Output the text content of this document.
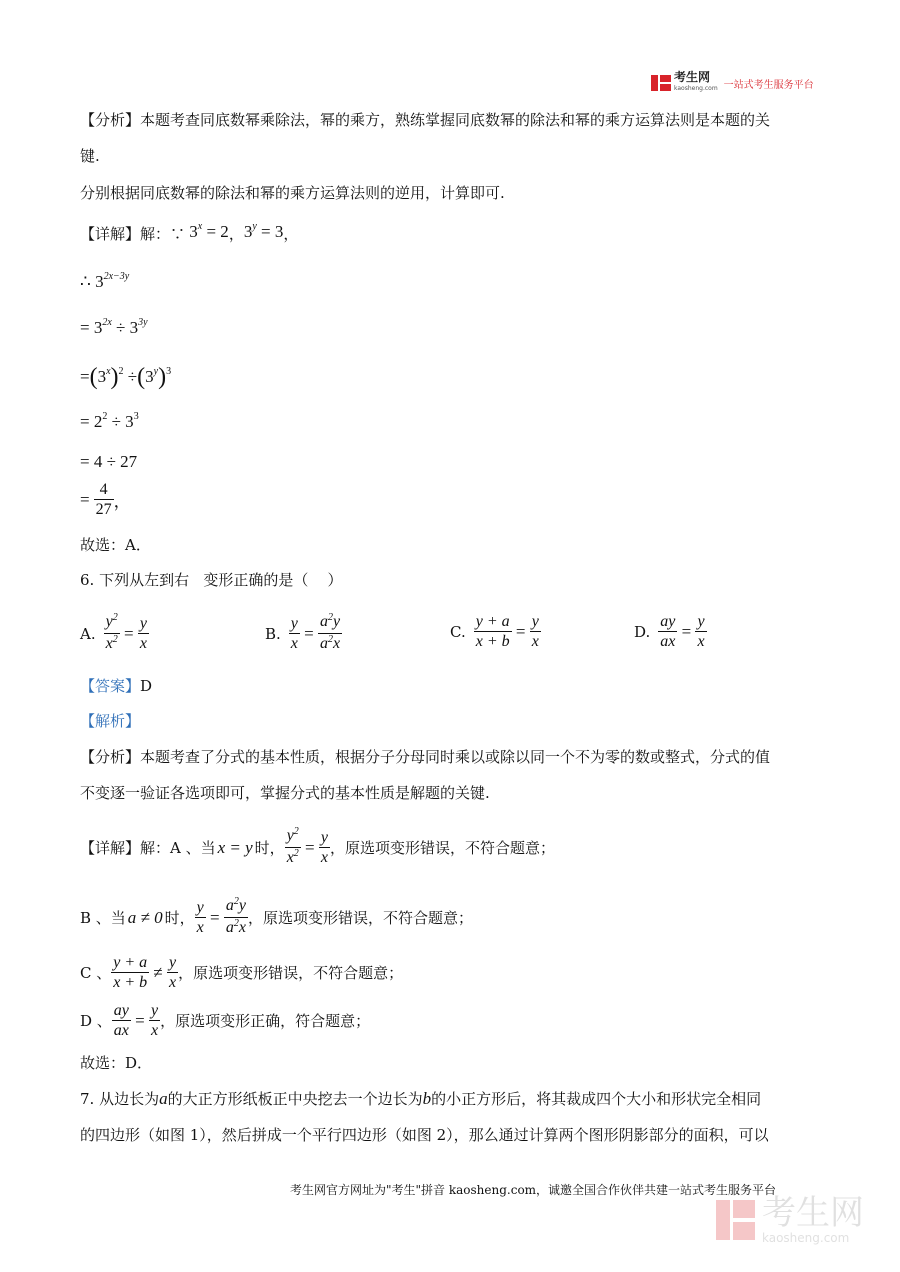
考生网
kaosheng.com 一站式考生服务平台
【分析】本题考查同底数幂乘除法，幂的乘方，熟练掌握同底数幂的除法和幂的乘方运算法则是本题的关
键.
分别根据同底数幂的除法和幂的乘方运算法则的逆用，计算即可.
【详解】解：∵ $3^x = 2$ ， $3^y = 3$ ，
∴ $3^{2x-3y}$
= $3^{2x} \div 3^{3y}$
$=(3^x)^2 \div(3^y)^3$
= $2^2 \div 3^3$
= 4 ÷ 27
= $\frac{4}{27}$ ，
故选：A．
6. 下列从左到右   变形正确的是（    ）
A. $\frac{y^2}{x^2} = \frac{y}{x}$	B. $\frac{y}{x} = \frac{a^2y}{a^2x}$	C. $\frac{y + a}{x + b} = \frac{y}{x}$	D. $\frac{ay}{ax} = \frac{y}{x}$
【答案】D
【解析】
【分析】本题考查了分式的基本性质，根据分子分母同时乘以或除以同一个不为零的数或整式，分式的值
不变逐一验证各选项即可，掌握分式的基本性质是解题的关键.
【详解】解：A 、当 x = y 时， $\frac{y^2}{x^2} = \frac{y}{x}$ ，原选项变形错误，不符合题意；
B 、当 a ≠ 0 时， $\frac{y}{x} = \frac{a^2y}{a^2x}$ ，原选项变形错误，不符合题意；
C 、 $\frac{y + a}{x + b} \ne \frac{y}{x}$ ，原选项变形错误，不符合题意；
D 、 $\frac{ay}{ax} = \frac{y}{x}$ ，原选项变形正确，符合题意；
故选：D．
7. 从边长为a的大正方形纸板正中央挖去一个边长为b的小正方形后，将其裁成四个大小和形状完全相同
的四边形（如图 1），然后拼成一个平行四边形（如图 2），那么通过计算两个图形阴影部分的面积，可以
考生网官方网址为"考生"拼音 kaosheng.com，诚邀全国合作伙伴共建一站式考生服务平台
考生网
kaosheng.com
